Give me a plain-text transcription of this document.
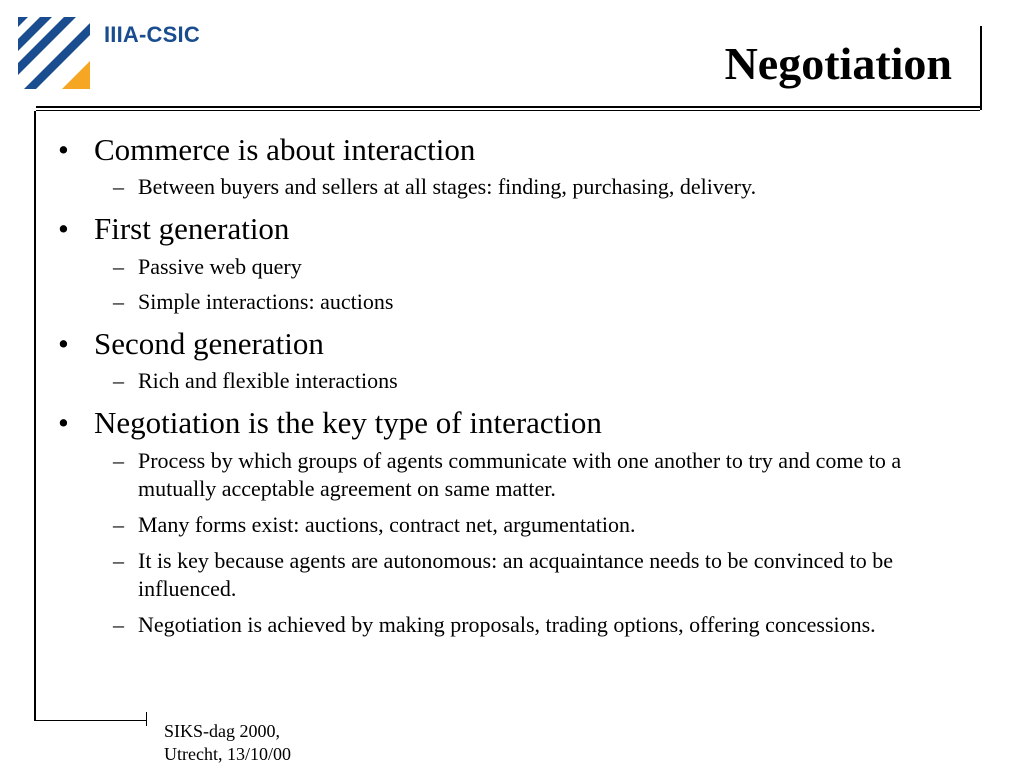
IIIA-CSIC
Negotiation
• Commerce is about interaction
– Between buyers and sellers at all stages: finding, purchasing, delivery.
• First generation
– Passive web query
– Simple interactions: auctions
• Second generation
– Rich and flexible interactions
• Negotiation is the key type of interaction
– Process by which groups of agents communicate with one another to try and come to a mutually acceptable agreement on same matter.
– Many forms exist: auctions, contract net, argumentation.
– It is key because agents are autonomous: an acquaintance needs to be convinced to be influenced.
– Negotiation is achieved by making proposals, trading options, offering concessions.
SIKS-dag 2000,
Utrecht, 13/10/00
